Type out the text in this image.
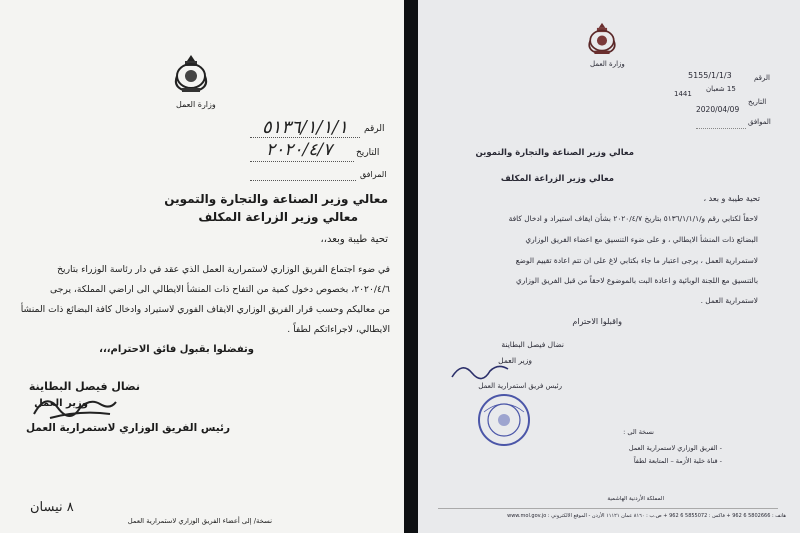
وزارة العمل
الرقم
٥١٣٦/١/١/١
التاريخ
٢٠٢٠/٤/٧
المرافق
معالي وزير الصناعة والتجارة والتموين
معالي وزير الزراعة المكلف
تحية طيبة وبعد،،
في ضوء اجتماع الفريق الوزاري لاستمرارية العمل الذي عقد في دار رئاسة الوزراء بتاريخ
٢٠٢٠/٤/٦، بخصوص دخول كمية من التفاح ذات المنشأ الايطالي الى اراضي المملكة، يرجى
من معاليكم وحسب قرار الفريق الوزاري الايقاف الفوري لاستيراد وادخال كافة البضائع ذات المنشأ
الايطالي، لاجراءاتكم لطفاً .
وتفضلوا بقبول فائق الاحترام،،،
نضال فيصل البطاينة
وزير العمل
رئيس الفريق الوزاري لاستمرارية العمل
٨ نيسان
نسخة/ إلى أعضاء الفريق الوزاري لاستمرارية العمل
وزارة العمل
الرقم
5155/1/1/3
15 شعبان
1441
التاريخ
2020/04/09
الموافق
معالي وزير الصناعة والتجارة والتموين
معالي وزير الزراعة المكلف
تحية طيبة و بعد ،
لاحقاً لكتابي رقم و/٥١٣٦/١/١/١ بتاريخ ٢٠٢٠/٤/٧ بشأن ايقاف استيراد و ادخال كافة
البضائع ذات المنشأ الايطالي ، و على ضوء التنسيق مع اعضاء الفريق الوزاري
لاستمرارية العمل ، يرجى اعتبار ما جاء بكتابي لاغ على ان تتم اعادة تقييم الوضع
بالتنسيق مع اللجنة الوبائية و اعادة البت بالموضوع لاحقاً من قبل الفريق الوزاري
لاستمرارية العمل .
واقبلوا الاحترام
نضال فيصل البطاينة
وزير العمل
رئيس فريق استمرارية العمل
نسخة الى :
- الفريق الوزاري لاستمرارية العمل
- قناة خلية الأزمة – المتابعة لطفاً
المملكة الأردنية الهاشمية
هاتف : 5802666 6 962 + فاكس : 5855072 6 962 + ص.ب : ٨١٦٠ عمان ١١١٢١ الأردن - الموقع الالكتروني : www.mol.gov.jo
